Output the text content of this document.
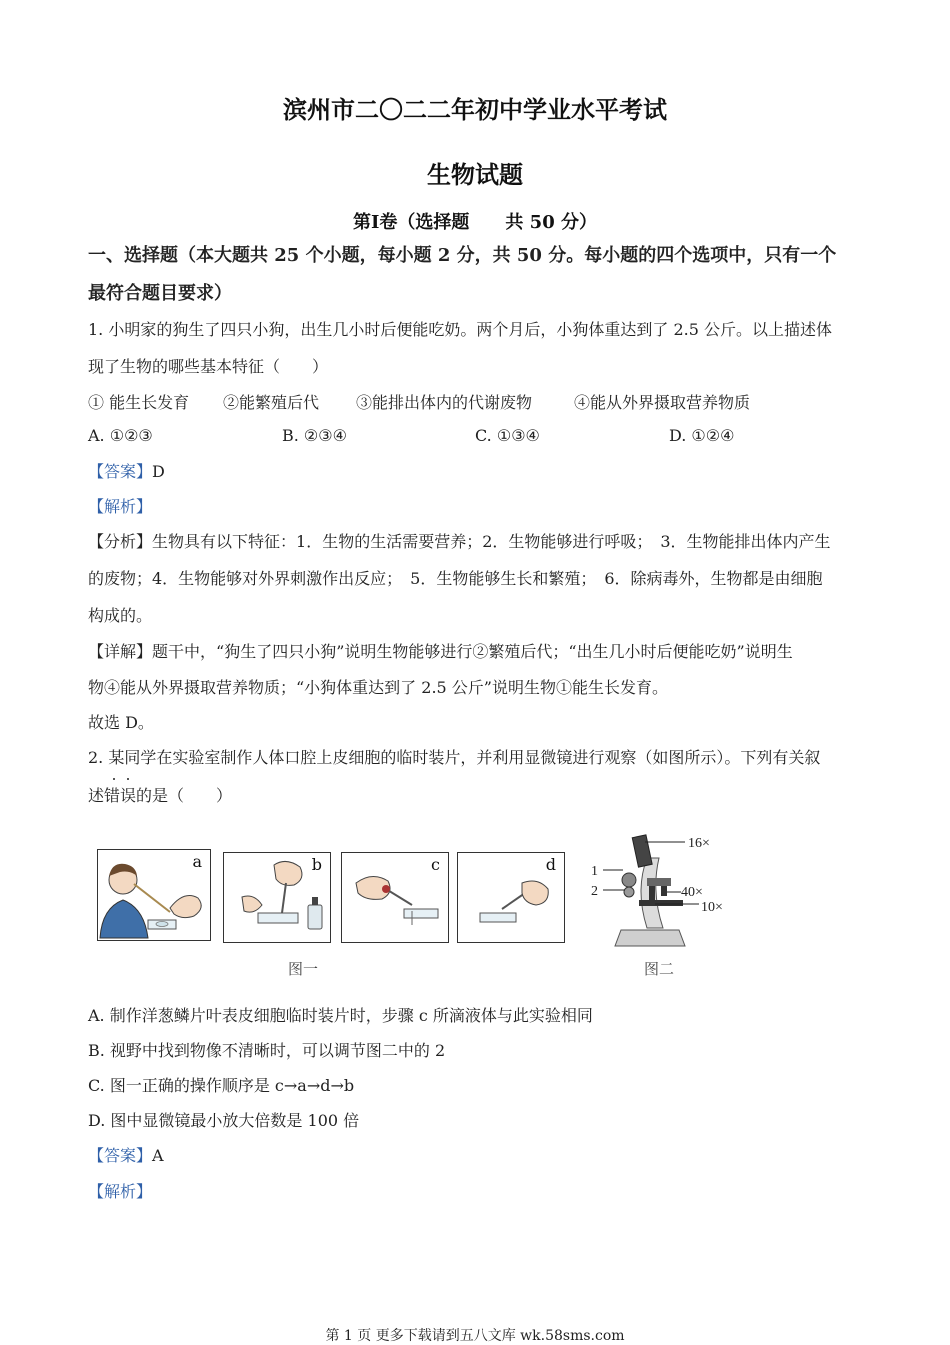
滨州市二〇二二年初中学业水平考试
生物试题
第Ⅰ卷（选择题　　共 50 分）
一、选择题（本大题共 25 个小题，每小题 2 分，共 50 分。每小题的四个选项中，只有一个
最符合题目要求）
1. 小明家的狗生了四只小狗，出生几小时后便能吃奶。两个月后，小狗体重达到了 2.5 公斤。以上描述体
现了生物的哪些基本特征（　　）
① 能生长发育 ②能繁殖后代 ③能排出体内的代谢废物	④能从外界摄取营养物质
A. ①②③	B. ②③④	C. ①③④	D. ①②④
【答案】D
【解析】
【分析】生物具有以下特征：1．生物的生活需要营养；2．生物能够进行呼吸；　3．生物能排出体内产生
的废物；4．生物能够对外界刺激作出反应；　5．生物能够生长和繁殖；　6．除病毒外，生物都是由细胞
构成的。
【详解】题干中，“狗生了四只小狗”说明生物能够进行②繁殖后代；“出生几小时后便能吃奶”说明生
物④能从外界摄取营养物质；“小狗体重达到了 2.5 公斤”说明生物①能生长发育。
故选 D。
2. 某同学在实验室制作人体口腔上皮细胞的临时装片，并利用显微镜进行观察（如图所示）。下列有关叙
述错误的是（　　）
a	b	c	d
图一
16×
1
2	40×
10×
图二
A. 制作洋葱鳞片叶表皮细胞临时装片时，步骤 c 所滴液体与此实验相同
B. 视野中找到物像不清晰时，可以调节图二中的 2
C. 图一正确的操作顺序是 c→a→d→b
D. 图中显微镜最小放大倍数是 100 倍
【答案】A
【解析】
第 1 页 更多下载请到五八文库 wk.58sms.com
